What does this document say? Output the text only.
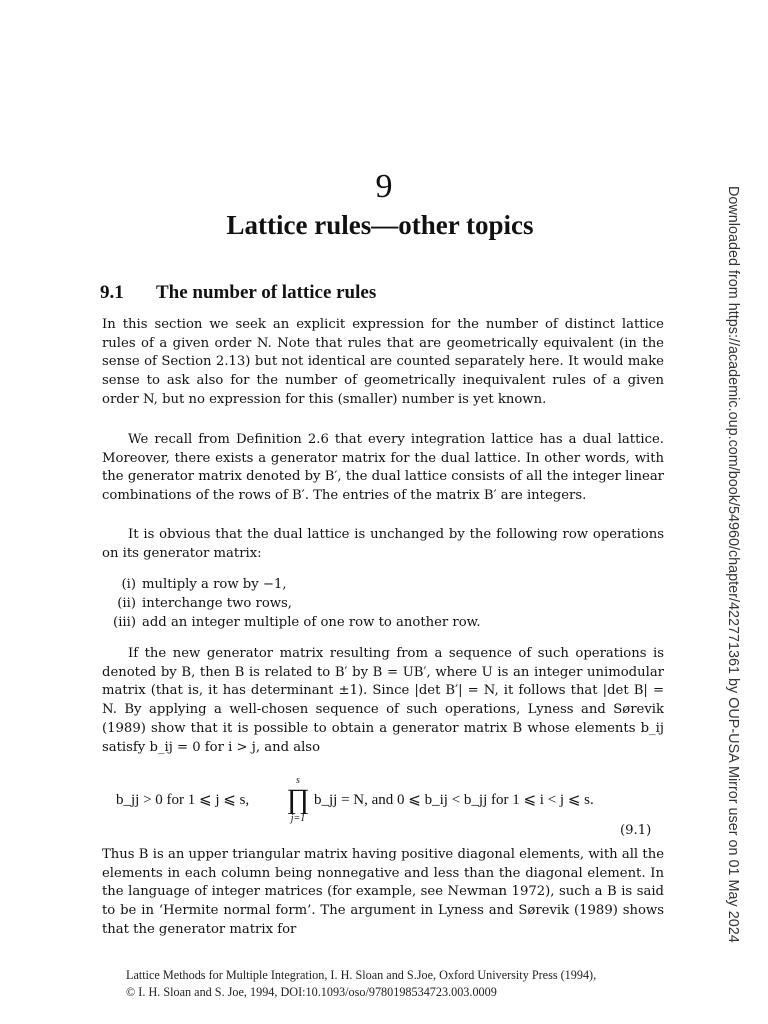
9
Lattice rules—other topics
9.1 The number of lattice rules

In this section we seek an explicit expression for the number of distinct lattice rules of a given order N. Note that rules that are geometrically equivalent (in the sense of Section 2.13) but not identical are counted separately here. It would make sense to ask also for the number of geometrically inequivalent rules of a given order N, but no expression for this (smaller) number is yet known.

We recall from Definition 2.6 that every integration lattice has a dual lattice. Moreover, there exists a generator matrix for the dual lattice. In other words, with the generator matrix denoted by B′, the dual lattice consists of all the integer linear combinations of the rows of B′. The entries of the matrix B′ are integers.

It is obvious that the dual lattice is unchanged by the following row operations on its generator matrix:

(i) multiply a row by −1,
(ii) interchange two rows,
(iii) add an integer multiple of one row to another row.

If the new generator matrix resulting from a sequence of such operations is denoted by B, then B is related to B′ by B = UB′, where U is an integer unimodular matrix (that is, it has determinant ±1). Since |det B′| = N, it follows that |det B| = N. By applying a well-chosen sequence of such operations, Lyness and Sørevik (1989) show that it is possible to obtain a generator matrix B whose elements b_ij satisfy b_ij = 0 for i > j, and also

b_jj > 0 for 1 ⩽ j ⩽ s,
s
∏
j=1
b_jj = N, and 0 ⩽ b_ij < b_jj for 1 ⩽ i < j ⩽ s.
(9.1)

Thus B is an upper triangular matrix having positive diagonal elements, with all the elements in each column being nonnegative and less than the diagonal element. In the language of integer matrices (for example, see Newman 1972), such a B is said to be in ‘Hermite normal form’. The argument in Lyness and Sørevik (1989) shows that the generator matrix for	Downloaded from https://academic.oup.com/book/54960/chapter/422771361 by OUP-USA Mirror user on 01 May 2024
Lattice Methods for Multiple Integration, I. H. Sloan and S.Joe, Oxford University Press (1994),
© I. H. Sloan and S. Joe, 1994, DOI:10.1093/oso/9780198534723.003.0009
